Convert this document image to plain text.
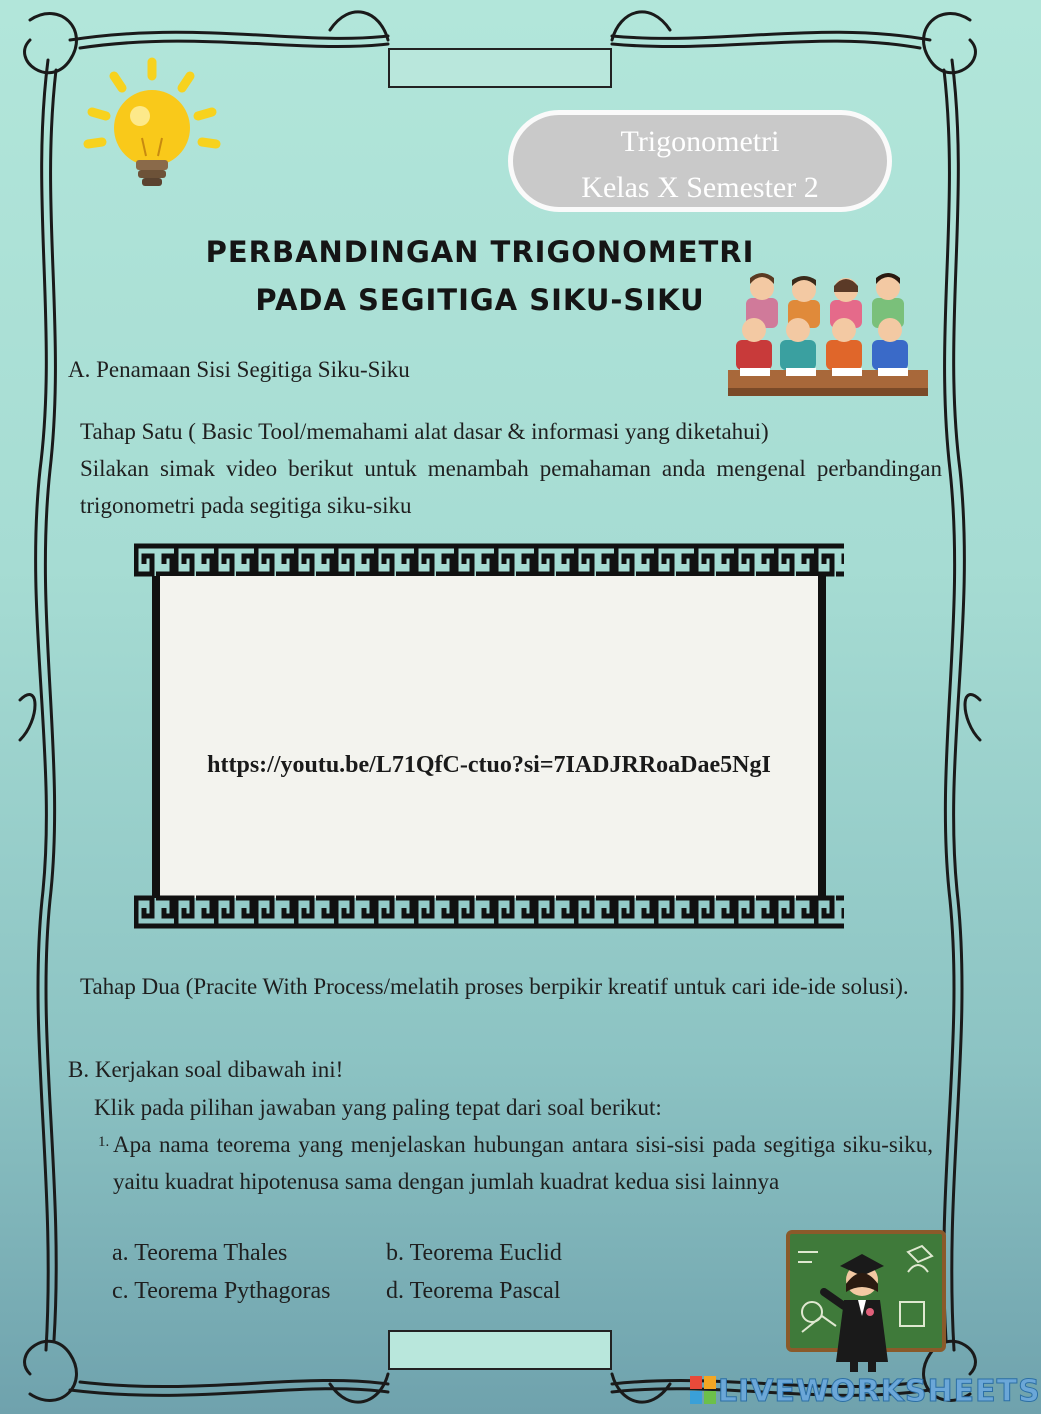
Trigonometri
Kelas X Semester 2
PERBANDINGAN TRIGONOMETRI
PADA SEGITIGA SIKU-SIKU
A. Penamaan Sisi Segitiga Siku-Siku
Tahap Satu ( Basic Tool/memahami alat dasar & informasi yang diketahui)
Silakan simak video berikut untuk menambah pemahaman anda mengenal perbandingan trigonometri pada segitiga siku-siku
https://youtu.be/L71QfC-ctuo?si=7IADJRRoaDae5NgI
Tahap Dua (Pracite With Process/melatih proses berpikir kreatif untuk cari ide-ide solusi).
B. Kerjakan soal dibawah ini!
Klik pada pilihan jawaban yang paling tepat dari soal berikut:
1. Apa nama teorema yang menjelaskan hubungan antara sisi-sisi pada segitiga siku-siku, yaitu kuadrat hipotenusa sama dengan jumlah kuadrat kedua sisi lainnya
a. Teorema Thales	b. Teorema Euclid
c. Teorema Pythagoras d. Teorema Pascal
LIVEWORKSHEETS
